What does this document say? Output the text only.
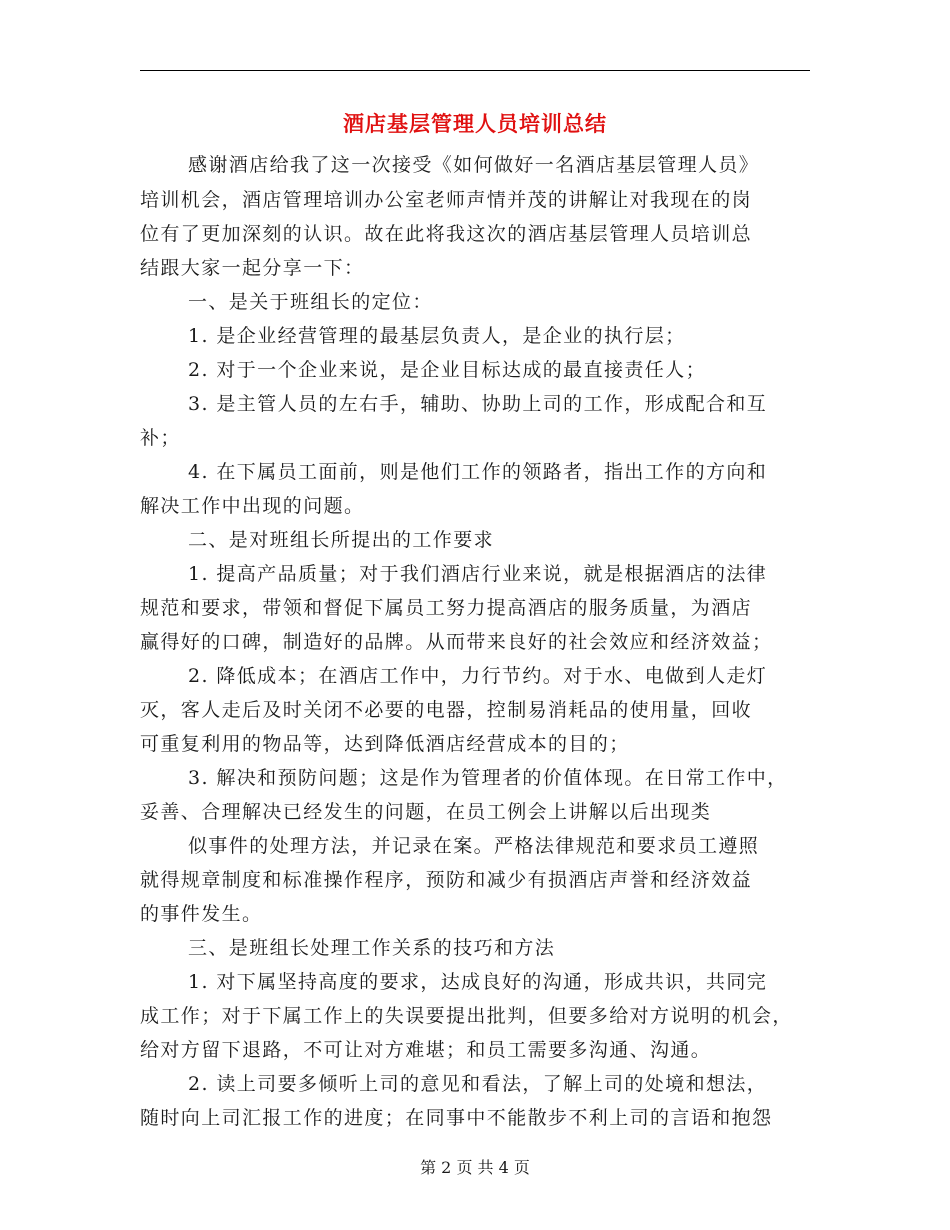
酒店基层管理人员培训总结
感谢酒店给我了这一次接受《如何做好一名酒店基层管理人员》
培训机会，酒店管理培训办公室老师声情并茂的讲解让对我现在的岗
位有了更加深刻的认识。故在此将我这次的酒店基层管理人员培训总
结跟大家一起分享一下：
一、是关于班组长的定位：
1. 是企业经营管理的最基层负责人，是企业的执行层；
2. 对于一个企业来说，是企业目标达成的最直接责任人；
3. 是主管人员的左右手，辅助、协助上司的工作，形成配合和互
补；
4. 在下属员工面前，则是他们工作的领路者，指出工作的方向和
解决工作中出现的问题。
二、是对班组长所提出的工作要求
1. 提高产品质量；对于我们酒店行业来说，就是根据酒店的法律
规范和要求，带领和督促下属员工努力提高酒店的服务质量，为酒店
赢得好的口碑，制造好的品牌。从而带来良好的社会效应和经济效益；
2. 降低成本；在酒店工作中，力行节约。对于水、电做到人走灯
灭，客人走后及时关闭不必要的电器，控制易消耗品的使用量，回收
可重复利用的物品等，达到降低酒店经营成本的目的；
3. 解决和预防问题；这是作为管理者的价值体现。在日常工作中，
妥善、合理解决已经发生的问题，在员工例会上讲解以后出现类
似事件的处理方法，并记录在案。严格法律规范和要求员工遵照
就得规章制度和标准操作程序，预防和减少有损酒店声誉和经济效益
的事件发生。
三、是班组长处理工作关系的技巧和方法
1. 对下属坚持高度的要求，达成良好的沟通，形成共识，共同完
成工作；对于下属工作上的失误要提出批判，但要多给对方说明的机会，
给对方留下退路，不可让对方难堪；和员工需要多沟通、沟通。
2. 读上司要多倾听上司的意见和看法，了解上司的处境和想法，
随时向上司汇报工作的进度；在同事中不能散步不利上司的言语和抱怨
第 2 页 共 4 页
